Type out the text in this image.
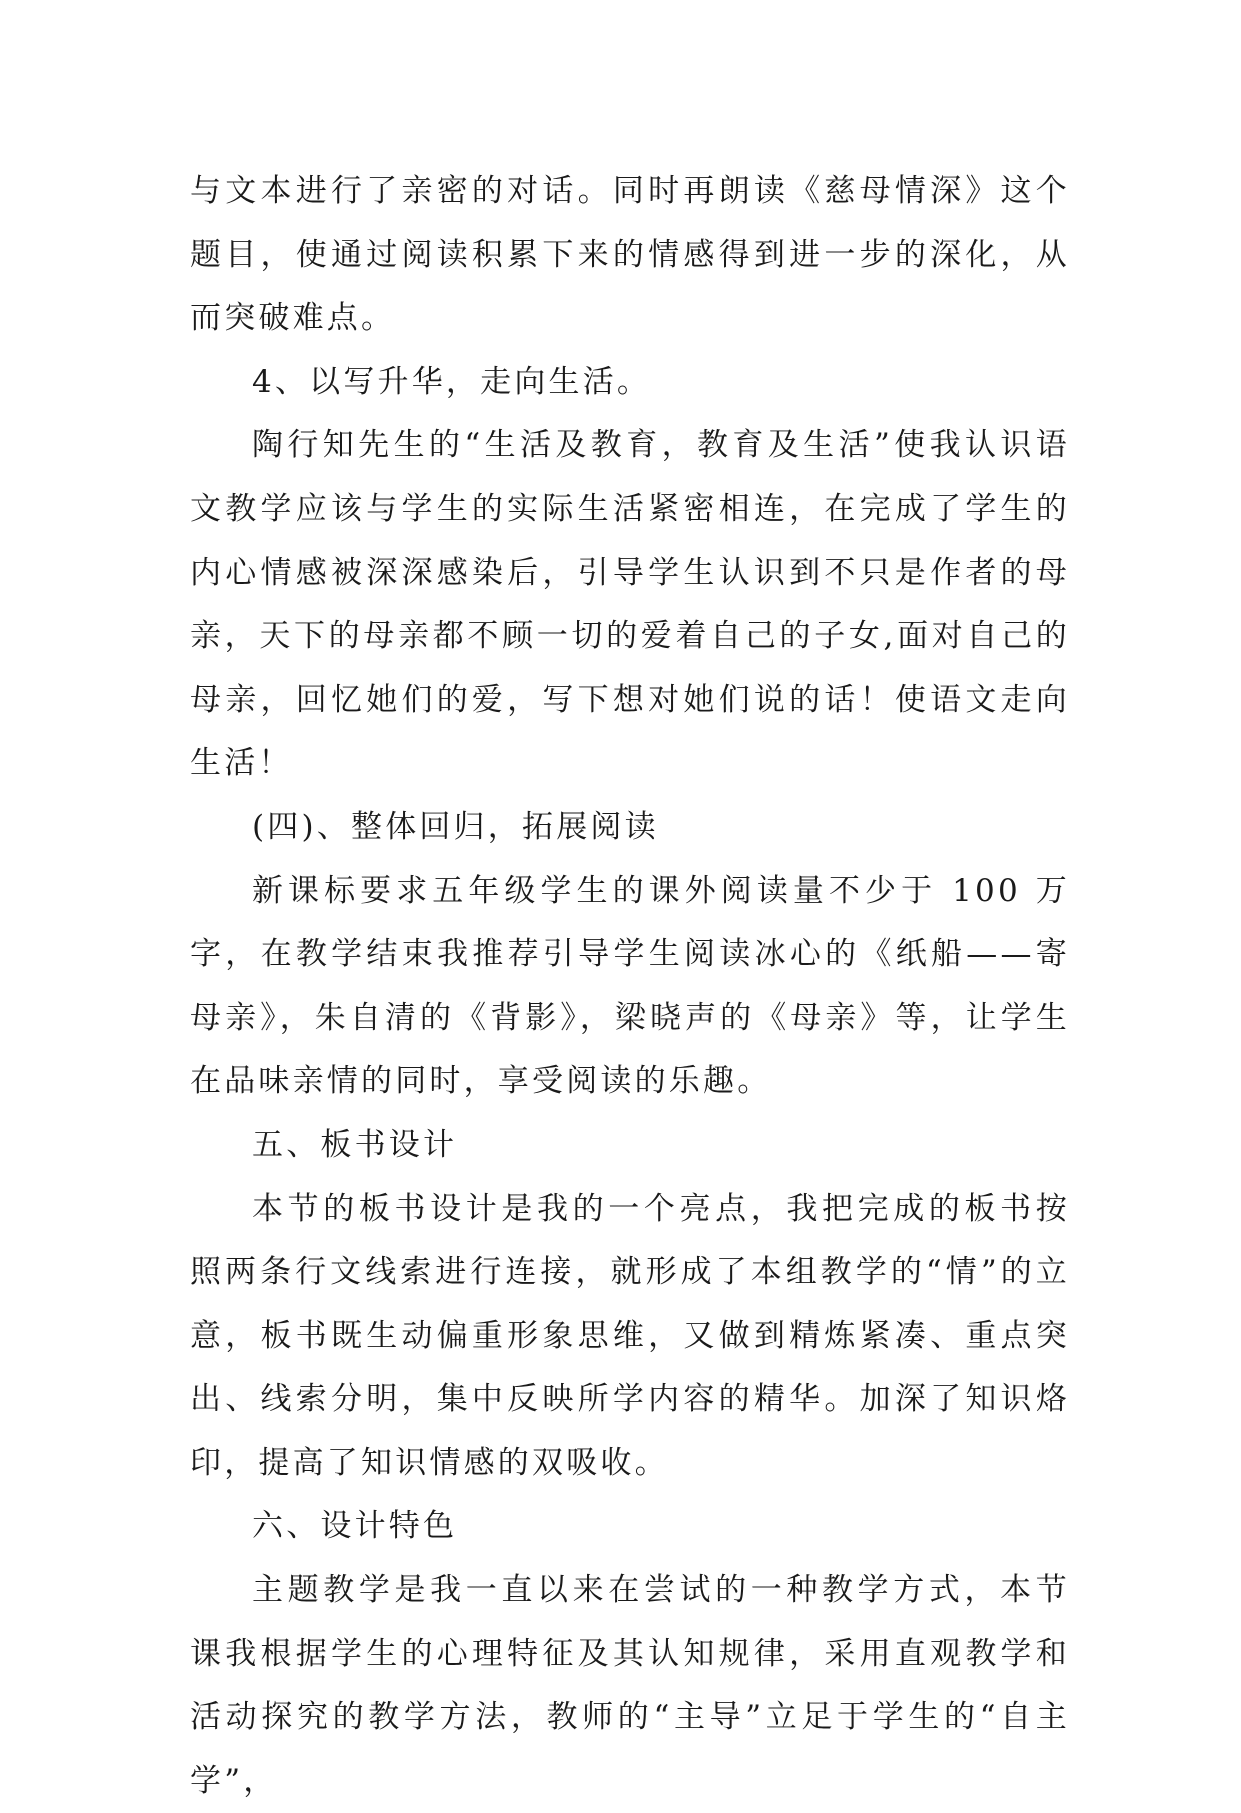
与文本进行了亲密的对话。同时再朗读《慈母情深》这个题目，使通过阅读积累下来的情感得到进一步的深化，从而突破难点。

4、以写升华，走向生活。

陶行知先生的“生活及教育，教育及生活”使我认识语文教学应该与学生的实际生活紧密相连，在完成了学生的内心情感被深深感染后，引导学生认识到不只是作者的母亲，天下的母亲都不顾一切的爱着自己的子女,面对自己的母亲，回忆她们的爱，写下想对她们说的话！使语文走向生活！

(四)、整体回归，拓展阅读

新课标要求五年级学生的课外阅读量不少于 100 万字，在教学结束我推荐引导学生阅读冰心的《纸船——寄母亲》，朱自清的《背影》，梁晓声的《母亲》等，让学生在品味亲情的同时，享受阅读的乐趣。

五、板书设计

本节的板书设计是我的一个亮点，我把完成的板书按照两条行文线索进行连接，就形成了本组教学的“情”的立意，板书既生动偏重形象思维，又做到精炼紧凑、重点突出、线索分明，集中反映所学内容的精华。加深了知识烙印，提高了知识情感的双吸收。

六、设计特色

主题教学是我一直以来在尝试的一种教学方式，本节课我根据学生的心理特征及其认知规律，采用直观教学和活动探究的教学方法，教师的“主导”立足于学生的“自主学”，
